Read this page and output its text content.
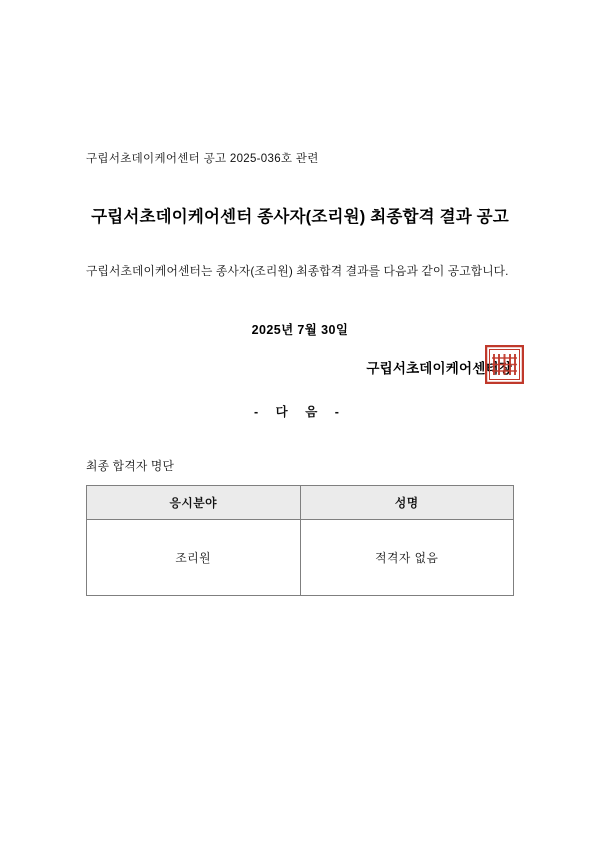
구립서초데이케어센터 공고 2025-036호 관련
구립서초데이케어센터 종사자(조리원) 최종합격 결과 공고
구립서초데이케어센터는 종사자(조리원) 최종합격 결과를 다음과 같이 공고합니다.
2025년 7월 30일
구립서초데이케어센터장
- 다 음 -
최종 합격자 명단
응시분야	성명
조리원	적격자 없음
